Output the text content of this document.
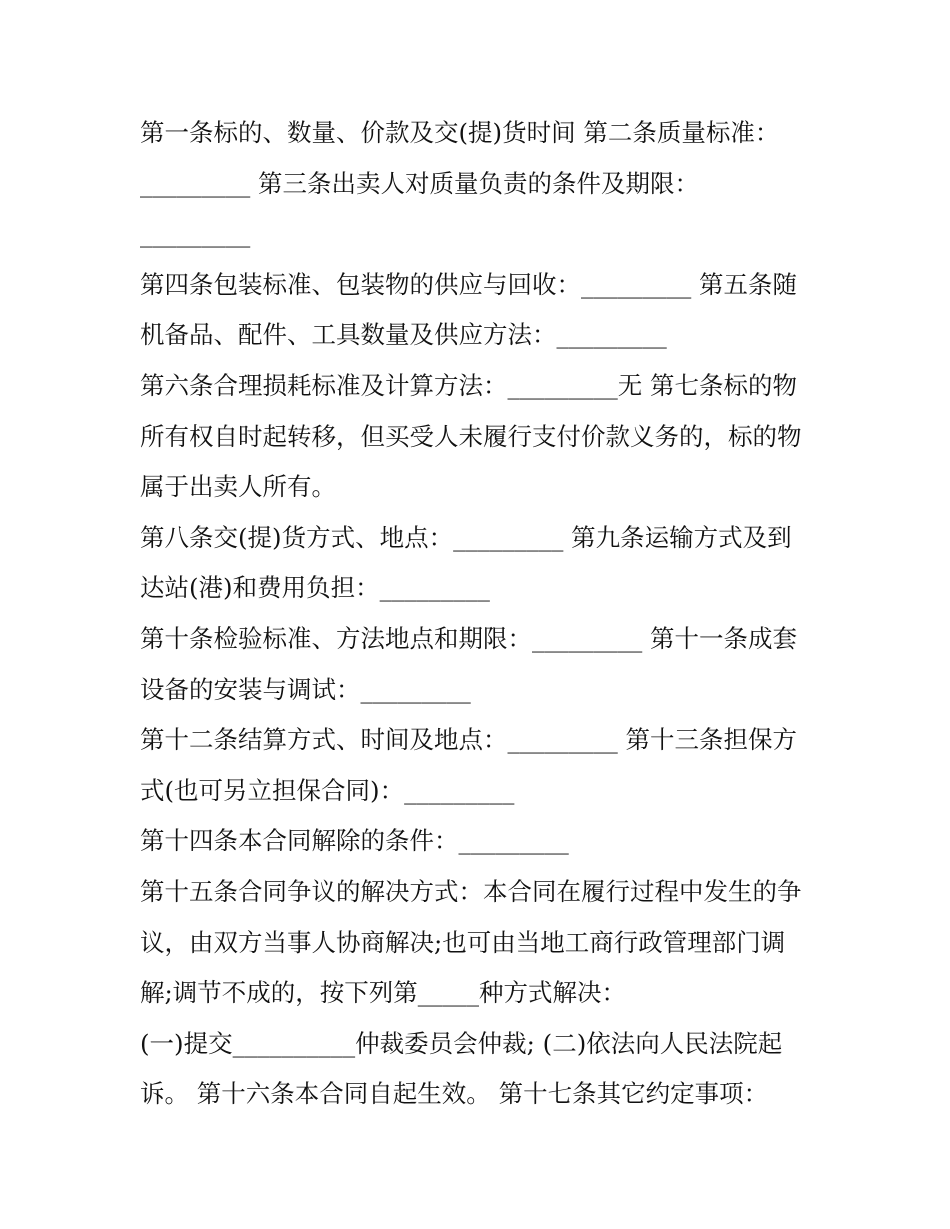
第一条标的、数量、价款及交(提)货时间 第二条质量标准：
_________ 第三条出卖人对质量负责的条件及期限：
_________
第四条包装标准、包装物的供应与回收：_________ 第五条随
机备品、配件、工具数量及供应方法：_________
第六条合理损耗标准及计算方法：_________无 第七条标的物
所有权自时起转移，但买受人未履行支付价款义务的，标的物
属于出卖人所有。
第八条交(提)货方式、地点：_________ 第九条运输方式及到
达站(港)和费用负担：_________
第十条检验标准、方法地点和期限：_________ 第十一条成套
设备的安装与调试：_________
第十二条结算方式、时间及地点：_________ 第十三条担保方
式(也可另立担保合同)：_________
第十四条本合同解除的条件：_________
第十五条合同争议的解决方式：本合同在履行过程中发生的争
议，由双方当事人协商解决;也可由当地工商行政管理部门调
解;调节不成的，按下列第_____种方式解决：
(一)提交__________仲裁委员会仲裁; (二)依法向人民法院起
诉。 第十六条本合同自起生效。 第十七条其它约定事项：
